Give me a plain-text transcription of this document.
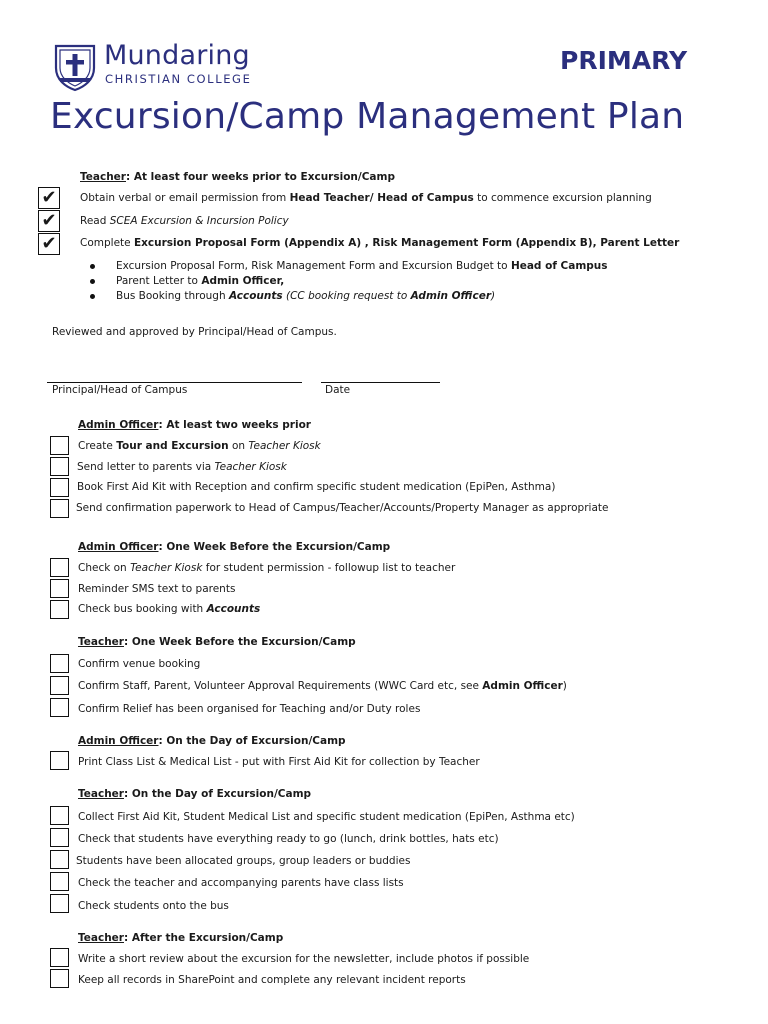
Mundaring
CHRISTIAN COLLEGE
PRIMARY
Excursion/Camp Management Plan
Teacher: At least four weeks prior to Excursion/Camp
✔	Obtain verbal or email permission from Head Teacher/ Head of Campus to commence excursion planning
✔	Read SCEA Excursion & Incursion Policy
✔	Complete Excursion Proposal Form (Appendix A) , Risk Management Form (Appendix B), Parent Letter
Excursion Proposal Form, Risk Management Form and Excursion Budget to Head of Campus
Parent Letter to Admin Officer,
Bus Booking through Accounts (CC booking request to Admin Officer)
Reviewed and approved by Principal/Head of Campus.
Principal/Head of Campus	Date
Admin Officer: At least two weeks prior
Create Tour and Excursion on Teacher Kiosk
Send letter to parents via Teacher Kiosk
Book First Aid Kit with Reception and confirm specific student medication (EpiPen, Asthma)
Send confirmation paperwork to Head of Campus/Teacher/Accounts/Property Manager as appropriate
Admin Officer: One Week Before the Excursion/Camp
Check on Teacher Kiosk for student permission - followup list to teacher
Reminder SMS text to parents
Check bus booking with Accounts
Teacher: One Week Before the Excursion/Camp
Confirm venue booking
Confirm Staff, Parent, Volunteer Approval Requirements (WWC Card etc, see Admin Officer)
Confirm Relief has been organised for Teaching and/or Duty roles
Admin Officer: On the Day of Excursion/Camp
Print Class List & Medical List - put with First Aid Kit for collection by Teacher
Teacher: On the Day of Excursion/Camp
Collect First Aid Kit, Student Medical List and specific student medication (EpiPen, Asthma etc)
Check that students have everything ready to go (lunch, drink bottles, hats etc)
Students have been allocated groups, group leaders or buddies
Check the teacher and accompanying parents have class lists
Check students onto the bus
Teacher: After the Excursion/Camp
Write a short review about the excursion for the newsletter, include photos if possible
Keep all records in SharePoint and complete any relevant incident reports
